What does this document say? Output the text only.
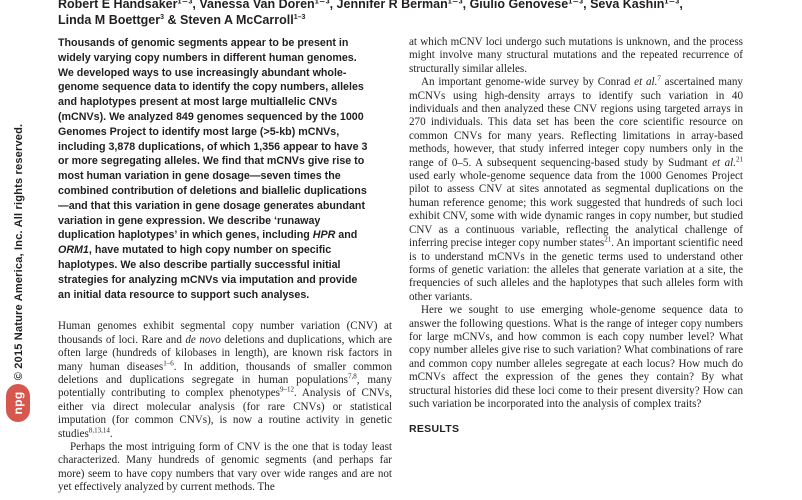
© 2015 Nature America, Inc. All rights reserved.
npg
Robert E Handsaker¹⁻³, Vanessa Van Doren¹⁻³, Jennifer R Berman¹⁻³, Giulio Genovese¹⁻³, Seva Kashin¹⁻³,
Linda M Boettger$^3$ & Steven A McCarroll$^{1-3}$

Thousands of genomic segments appear to be present in widely varying copy numbers in different human genomes. We developed ways to use increasingly abundant whole-genome sequence data to identify the copy numbers, alleles and haplotypes present at most large multiallelic CNVs (mCNVs). We analyzed 849 genomes sequenced by the 1000 Genomes Project to identify most large (>5-kb) mCNVs, including 3,878 duplications, of which 1,356 appear to have 3 or more segregating alleles. We find that mCNVs give rise to most human variation in gene dosage—seven times the combined contribution of deletions and biallelic duplications—and that this variation in gene dosage generates abundant variation in gene expression. We describe ‘runaway duplication haplotypes’ in which genes, including HPR and ORM1, have mutated to high copy number on specific haplotypes. We also describe partially successful initial strategies for analyzing mCNVs via imputation and provide an initial data resource to support such analyses.

Human genomes exhibit segmental copy number variation (CNV) at thousands of loci. Rare and de novo deletions and duplications, which are often large (hundreds of kilobases in length), are known risk factors in many human diseases$^{1-6}$. In addition, thousands of smaller common deletions and duplications segregate in human populations$^{7,8}$, many potentially contributing to complex phenotypes$^{9-12}$. Analysis of CNVs, either via direct molecular analysis (for rare CNVs) or statistical imputation (for common CNVs), is now a routine activity in genetic studies$^{8,13,14}$.

Perhaps the most intriguing form of CNV is the one that is today least characterized. Many hundreds of genomic segments (and perhaps far more) seem to have copy numbers that vary over wide ranges and are not yet effectively analyzed by current methods. The

at which mCNV loci undergo such mutations is unknown, and the process might involve many structural mutations and the repeated recurrence of structurally similar alleles.

An important genome-wide survey by Conrad et al.$^7$ ascertained many mCNVs using high-density arrays to identify such variation in 40 individuals and then analyzed these CNV regions using targeted arrays in 270 individuals. This data set has been the core scientific resource on common CNVs for many years. Reflecting limitations in array-based methods, however, that study inferred integer copy numbers only in the range of 0–5. A subsequent sequencing-based study by Sudmant et al.$^{21}$ used early whole-genome sequence data from the 1000 Genomes Project pilot to assess CNV at sites annotated as segmental duplications on the human reference genome; this work suggested that hundreds of such loci exhibit CNV, some with wide dynamic ranges in copy number, but studied CNV as a continuous variable, reflecting the analytical challenge of inferring precise integer copy number states$^{21}$. An important scientific need is to understand mCNVs in the genetic terms used to understand other forms of genetic variation: the alleles that generate variation at a site, the frequencies of such alleles and the haplotypes that such alleles form with other variants.

Here we sought to use emerging whole-genome sequence data to answer the following questions. What is the range of integer copy numbers for large mCNVs, and how common is each copy number level? What copy number alleles give rise to such variation? What combinations of rare and common copy number alleles segregate at each locus? How much do mCNVs affect the expression of the genes they contain? By what structural histories did these loci come to their present diversity? How can such variation be incorporated into the analysis of complex traits?

RESULTS
